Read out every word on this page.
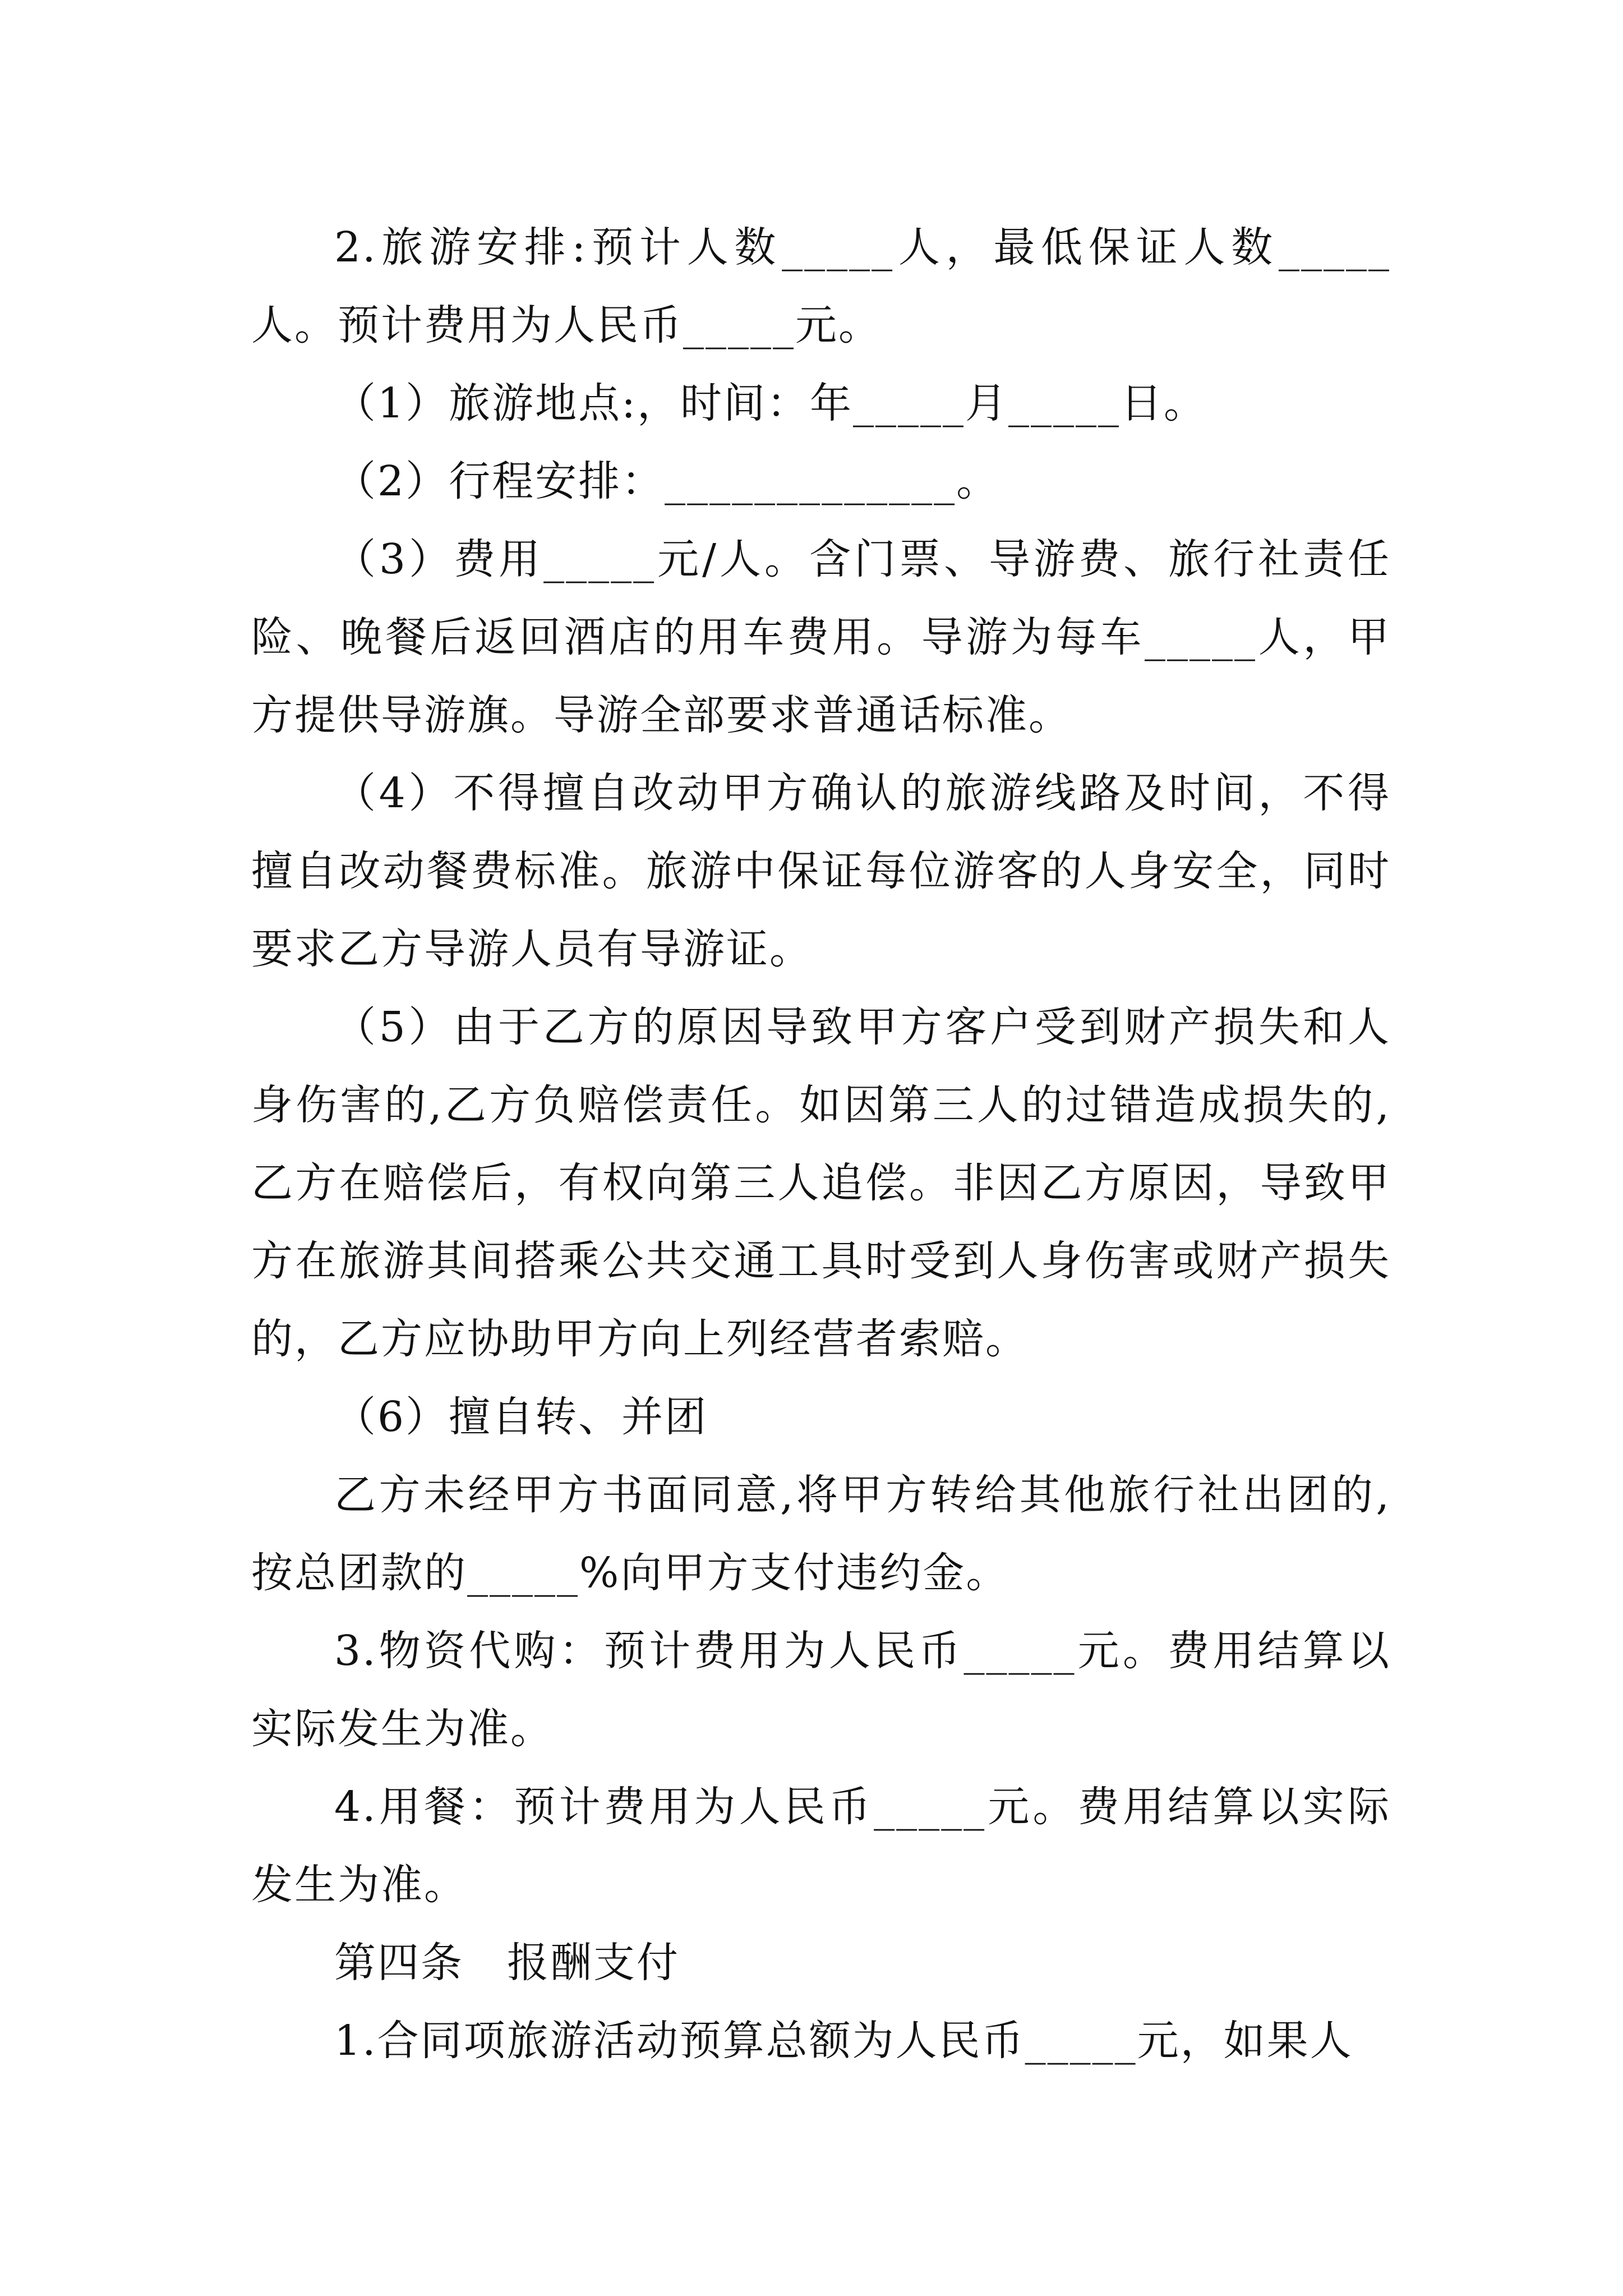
2.旅游安排:预计人数_____人，最低保证人数_____人。预计费用为人民币_____元。

（1）旅游地点:，时间：年_____月_____日。

（2）行程安排：_____________。

（3）费用_____元/人。含门票、导游费、旅行社责任险、晚餐后返回酒店的用车费用。导游为每车_____人，甲方提供导游旗。导游全部要求普通话标准。

（4）不得擅自改动甲方确认的旅游线路及时间，不得擅自改动餐费标准。旅游中保证每位游客的人身安全，同时要求乙方导游人员有导游证。

（5）由于乙方的原因导致甲方客户受到财产损失和人身伤害的,乙方负赔偿责任。如因第三人的过错造成损失的,乙方在赔偿后，有权向第三人追偿。非因乙方原因，导致甲方在旅游其间搭乘公共交通工具时受到人身伤害或财产损失的，乙方应协助甲方向上列经营者索赔。

（6）擅自转、并团

乙方未经甲方书面同意,将甲方转给其他旅行社出团的,按总团款的_____%向甲方支付违约金。

3.物资代购：预计费用为人民币_____元。费用结算以实际发生为准。

4.用餐：预计费用为人民币_____元。费用结算以实际发生为准。

第四条　报酬支付

1.合同项旅游活动预算总额为人民币_____元，如果人
